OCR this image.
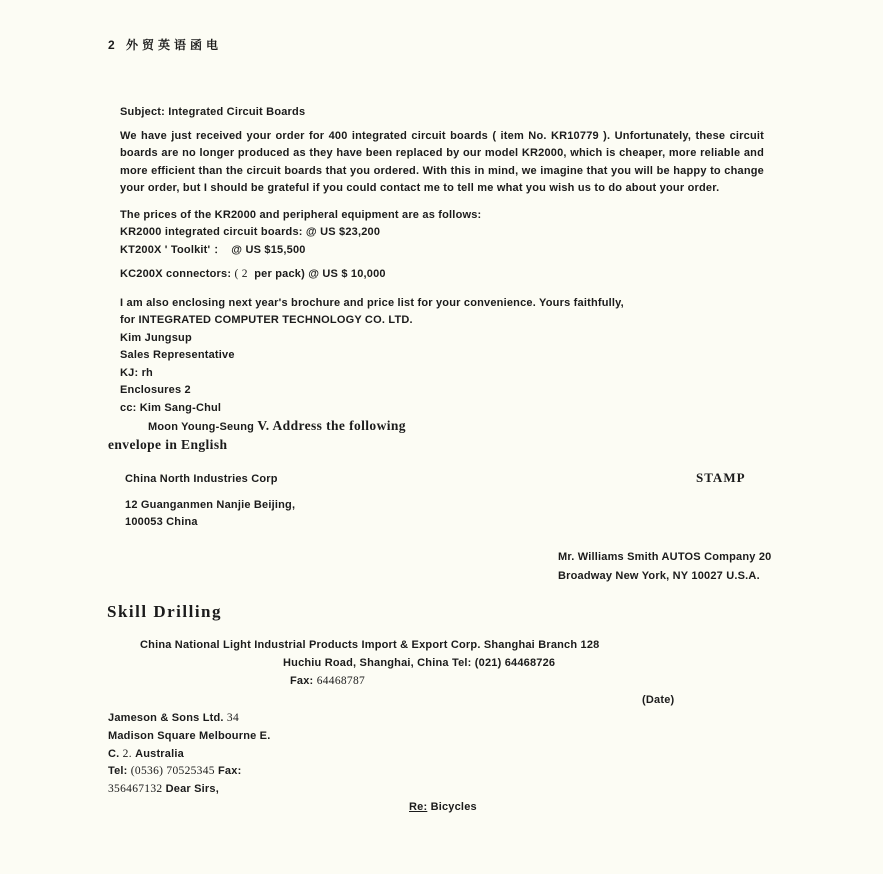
2 外贸英语函电
Subject: Integrated Circuit Boards

We have just received your order for 400 integrated circuit boards ( item No. KR10779 ). Unfortunately, these circuit boards are no longer produced as they have been replaced by our model KR2000, which is cheaper, more reliable and more efficient than the circuit boards that you ordered. With this in mind, we imagine that you will be happy to change your order, but I should be grateful if you could contact me to tell me what you wish us to do about your order.

The prices of the KR2000 and peripheral equipment are as follows:
KR2000 integrated circuit boards: @ US $23,200
KT200X ' Toolkit' ：  @ US $15,500
KC200X connectors: ( 2  per pack) @ US $ 10,000
I am also enclosing next year's brochure and price list for your convenience. Yours faithfully,
for INTEGRATED COMPUTER TECHNOLOGY CO. LTD.
Kim Jungsup
Sales Representative
KJ: rh
Enclosures 2
cc: Kim Sang-Chul
Moon Young-Seung V. Address the following
envelope in English
China North Industries Corp
12 Guanganmen Nanjie Beijing,
100053 China
STAMP
Mr. Williams Smith AUTOS Company 20
Broadway New York, NY 10027 U.S.A.
Skill Drilling
China National Light Industrial Products Import & Export Corp. Shanghai Branch 128
Huchiu Road, Shanghai, China Tel: (021) 64468726
Fax: 64468787
(Date)
Jameson & Sons Ltd. 34
Madison Square Melbourne E.
C. 2. Australia
Tel: (0536) 70525345 Fax:
356467132 Dear Sirs,
Re: Bicycles
